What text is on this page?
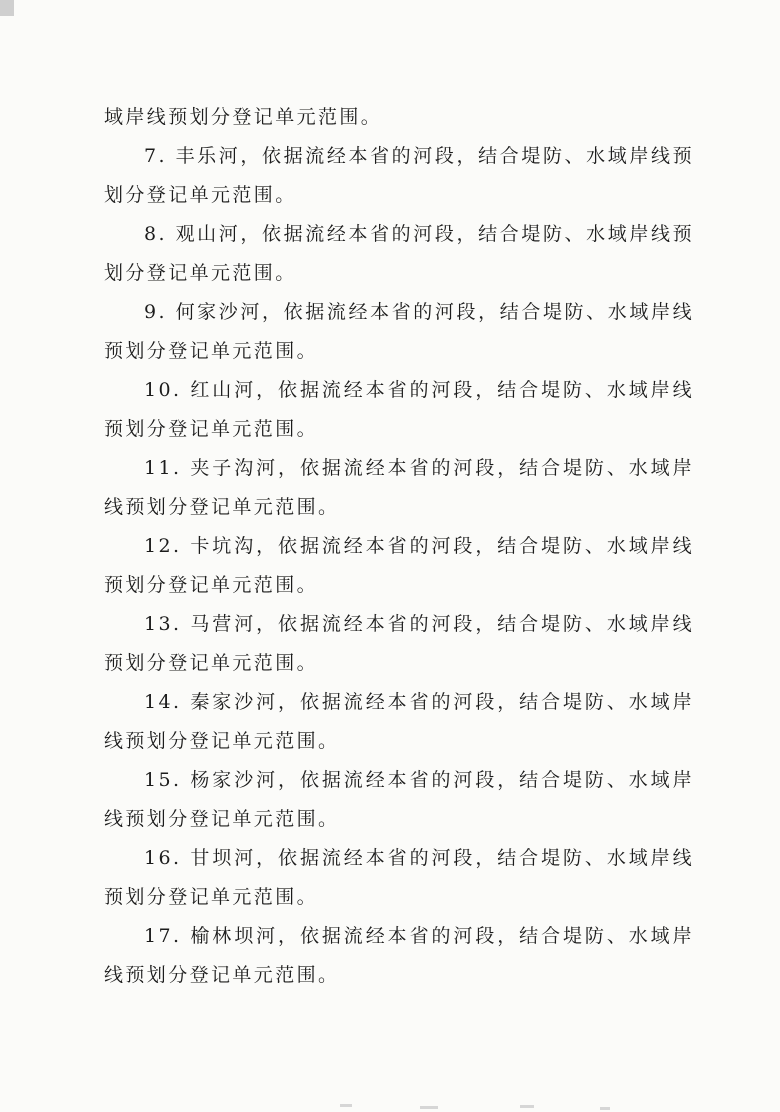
域岸线预划分登记单元范围。

7. 丰乐河，依据流经本省的河段，结合堤防、水域岸线预划分登记单元范围。

8. 观山河，依据流经本省的河段，结合堤防、水域岸线预划分登记单元范围。

9. 何家沙河，依据流经本省的河段，结合堤防、水域岸线预划分登记单元范围。

10. 红山河，依据流经本省的河段，结合堤防、水域岸线预划分登记单元范围。

11. 夹子沟河，依据流经本省的河段，结合堤防、水域岸线预划分登记单元范围。

12. 卡坑沟，依据流经本省的河段，结合堤防、水域岸线预划分登记单元范围。

13. 马营河，依据流经本省的河段，结合堤防、水域岸线预划分登记单元范围。

14. 秦家沙河，依据流经本省的河段，结合堤防、水域岸线预划分登记单元范围。

15. 杨家沙河，依据流经本省的河段，结合堤防、水域岸线预划分登记单元范围。

16. 甘坝河，依据流经本省的河段，结合堤防、水域岸线预划分登记单元范围。

17. 榆林坝河，依据流经本省的河段，结合堤防、水域岸线预划分登记单元范围。
